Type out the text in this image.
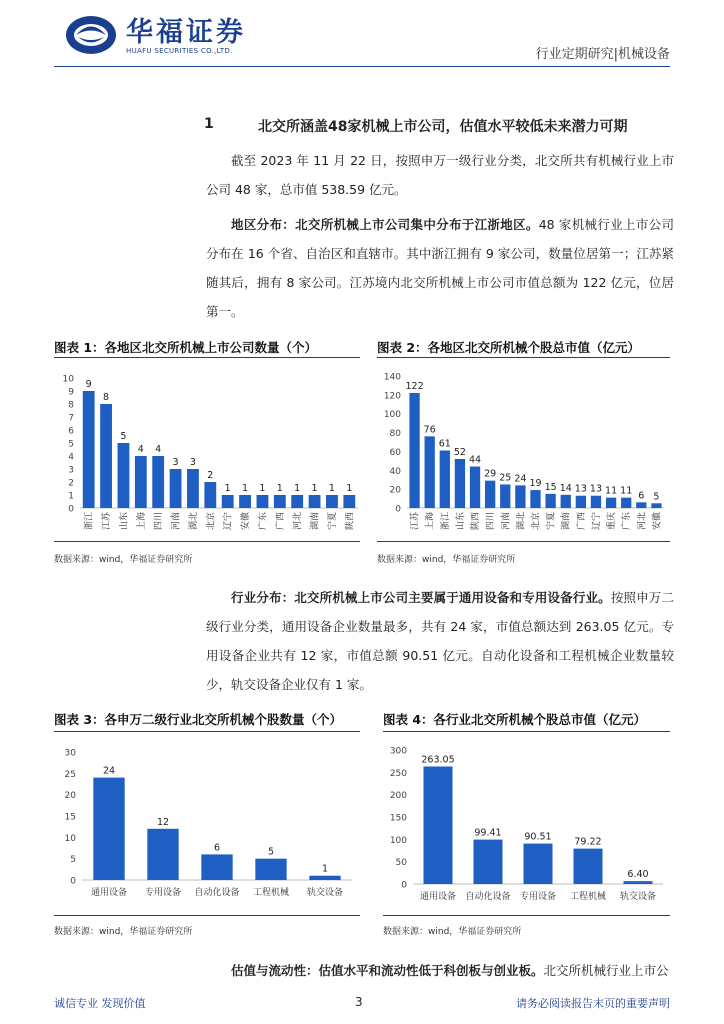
华福证券
HUAFU SECURITIES CO.,LTD.	行业定期研究|机械设备
1	北交所涵盖48家机械上市公司，估值水平较低未来潜力可期
截至 2023 年 11 月 22 日，按照申万一级行业分类，北交所共有机械行业上市公司 48 家，总市值 538.59 亿元。
地区分布：北交所机械上市公司集中分布于江浙地区。48 家机械行业上市公司分布在 16 个省、自治区和直辖市。其中浙江拥有 9 家公司，数量位居第一；江苏紧随其后，拥有 8 家公司。江苏境内北交所机械上市公司市值总额为 122 亿元，位居第一。
图表 1：各地区北交所机械上市公司数量（个）
0
1
2
3
4
5
6
7
8
9
10 9
浙江
8
江苏
5
山东
4
上海
4
四川
3
河南
3
湖北
2
北京
1
辽宁
1
安徽
1
广东
1
广西
1
河北
1
湖南
1
宁夏
1
陕西
数据来源：wind，华福证券研究所
图表 2：各地区北交所机械个股总市值（亿元）
0
20
40
60
80
100
120
140
122
江苏
76
上海
61
浙江
52
山东
44
陕西
29
四川
25
河南
24
湖北
19
北京
15
宁夏
14
湖南
13
广西
13
辽宁
11
重庆
11
广东
6
河北
5
安徽
数据来源：wind，华福证券研究所
行业分布：北交所机械上市公司主要属于通用设备和专用设备行业。按照申万二级行业分类，通用设备企业数量最多，共有 24 家，市值总额达到 263.05 亿元。专用设备企业共有 12 家，市值总额 90.51 亿元。自动化设备和工程机械企业数量较少，轨交设备企业仅有 1 家。
图表 3：各申万二级行业北交所机械个股数量（个）
0
5
10
15
20
25
30
24
通用设备
12
专用设备
6
自动化设备
5
工程机械
1
轨交设备
数据来源：wind，华福证券研究所
图表 4：各行业北交所机械个股总市值（亿元）
0
50
100
150
200
250
300
263.05
通用设备
99.41
自动化设备
90.51
专用设备
79.22
工程机械
6.40
轨交设备
数据来源：wind，华福证券研究所
估值与流动性：估值水平和流动性低于科创板与创业板。北交所机械行业上市公
诚信专业 发现价值	3	请务必阅读报告末页的重要声明
